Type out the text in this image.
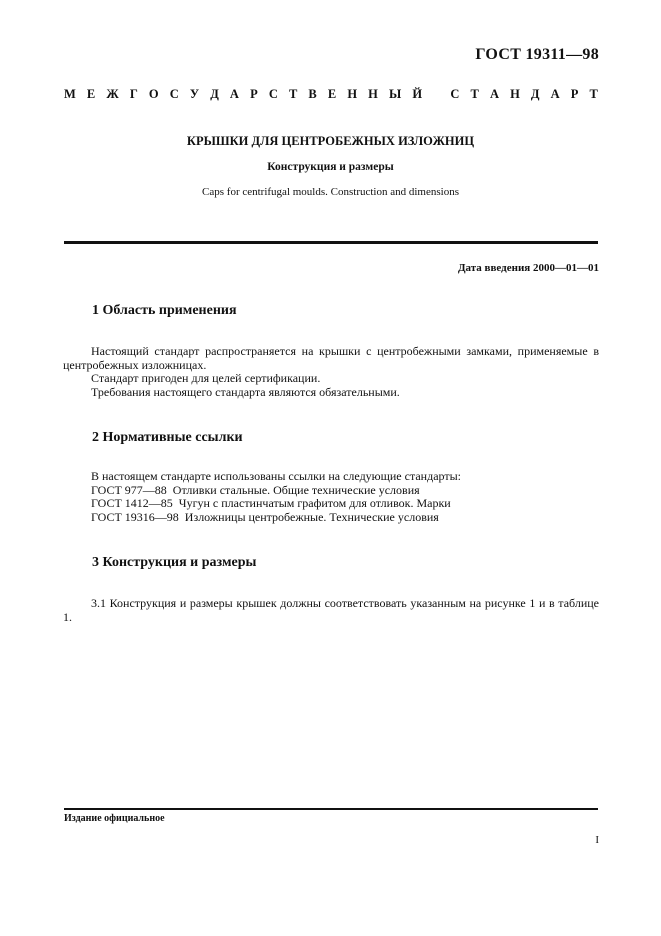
ГОСТ 19311—98
М Е Ж Г О С У Д А Р С Т В Е Н Н Ы Й С Т А Н Д А Р Т
КРЫШКИ ДЛЯ ЦЕНТРОБЕЖНЫХ ИЗЛОЖНИЦ
Конструкция и размеры
Caps for centrifugal moulds. Construction and dimensions
Дата введения 2000—01—01
1 Область применения

Настоящий стандарт распространяется на крышки с центробежными замками, применяемые в центробежных изложницах.

Стандарт пригоден для целей сертификации.

Требования настоящего стандарта являются обязательными.

2 Нормативные ссылки
В настоящем стандарте использованы ссылки на следующие стандарты:
ГОСТ 977—88  Отливки стальные. Общие технические условия
ГОСТ 1412—85  Чугун с пластинчатым графитом для отливок. Марки
ГОСТ 19316—98  Изложницы центробежные. Технические условия
3 Конструкция и размеры

3.1 Конструкция и размеры крышек должны соответствовать указанным на рисунке 1 и в таблице 1.

Издание официальное
I
